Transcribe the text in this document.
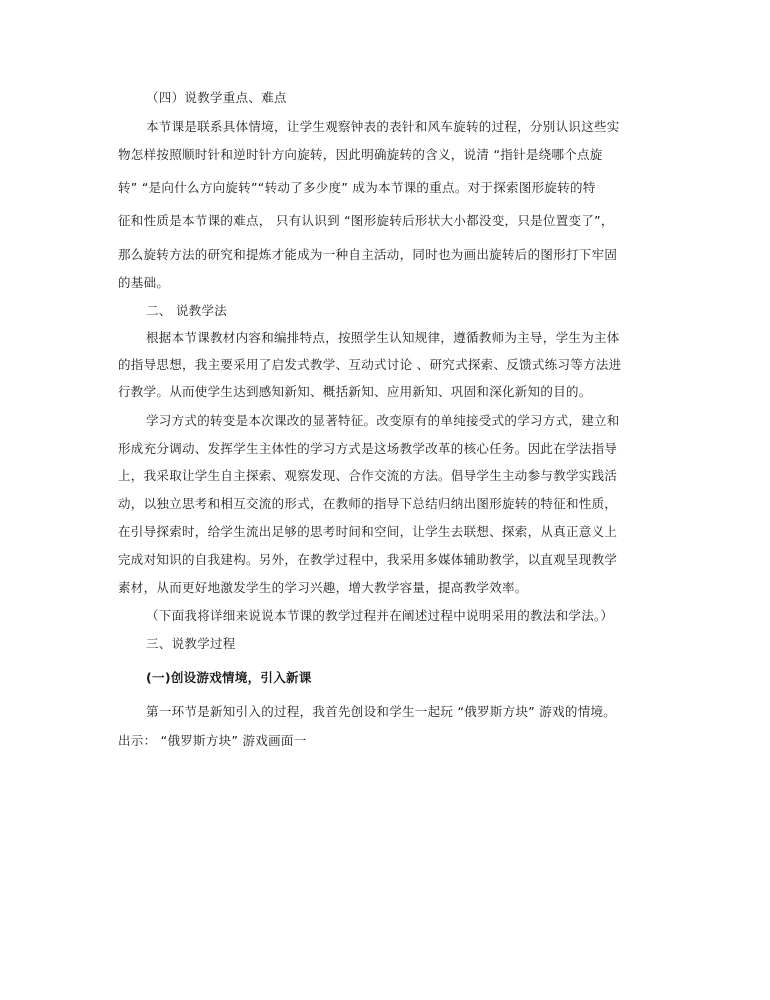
（四）说教学重点、难点
本节课是联系具体情境，让学生观察钟表的表针和风车旋转的过程，分别认识这些实
物怎样按照顺时针和逆时针方向旋转，因此明确旋转的含义，说清 “指针是绕哪个点旋
转” “是向什么方向旋转”“转动了多少度” 成为本节课的重点。对于探索图形旋转的特
征和性质是本节课的难点， 只有认识到 “图形旋转后形状大小都没变，只是位置变了”，
那么旋转方法的研究和提炼才能成为一种自主活动，同时也为画出旋转后的图形打下牢固
的基础。
二、 说教学法
根据本节课教材内容和编排特点，按照学生认知规律，遵循教师为主导，学生为主体
的指导思想，我主要采用了启发式教学、互动式讨论 、研究式探索、反馈式练习等方法进
行教学。从而使学生达到感知新知、概括新知、应用新知、巩固和深化新知的目的。
学习方式的转变是本次课改的显著特征。改变原有的单纯接受式的学习方式，建立和
形成充分调动、发挥学生主体性的学习方式是这场教学改革的核心任务。因此在学法指导
上，我采取让学生自主探索、观察发现、合作交流的方法。倡导学生主动参与教学实践活
动，以独立思考和相互交流的形式，在教师的指导下总结归纳出图形旋转的特征和性质，
在引导探索时，给学生流出足够的思考时间和空间，让学生去联想、探索，从真正意义上
完成对知识的自我建构。另外，在教学过程中，我采用多媒体辅助教学，以直观呈现教学
素材，从而更好地激发学生的学习兴趣，增大教学容量，提高教学效率。
（下面我将详细来说说本节课的教学过程并在阐述过程中说明采用的教法和学法。）
三、说教学过程
(一)创设游戏情境，引入新课
第一环节是新知引入的过程，我首先创设和学生一起玩 “俄罗斯方块” 游戏的情境。
出示： “俄罗斯方块” 游戏画面一
